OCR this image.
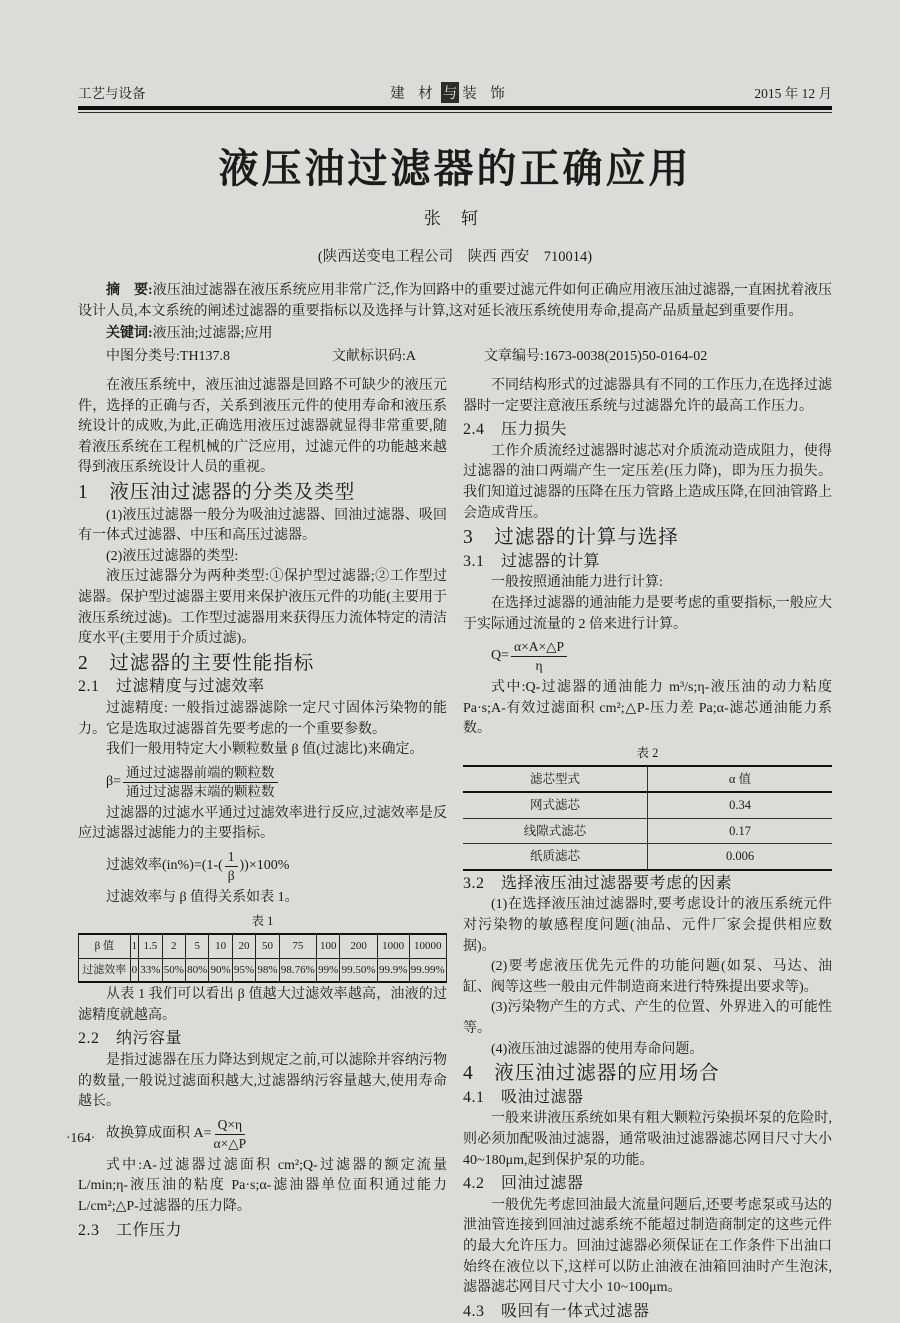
工艺与设备	建 材 与 装 饰	2015 年 12 月
液压油过滤器的正确应用
张 轲
(陕西送变电工程公司　陕西 西安　710014)

摘　要:液压油过滤器在液压系统应用非常广泛,作为回路中的重要过滤元件如何正确应用液压油过滤器,一直困扰着液压设计人员,本文系统的阐述过滤器的重要指标以及选择与计算,这对延长液压系统使用寿命,提高产品质量起到重要作用。

关键词:液压油;过滤器;应用

中图分类号:TH137.8	文献标识码:A	文章编号:1673-0038(2015)50-0164-02

在液压系统中，液压油过滤器是回路不可缺少的液压元件，选择的正确与否，关系到液压元件的使用寿命和液压系统设计的成败,为此,正确选用液压过滤器就显得非常重要,随着液压系统在工程机械的广泛应用，过滤元件的功能越来越得到液压系统设计人员的重视。

1　液压油过滤器的分类及类型

(1)液压过滤器一般分为吸油过滤器、回油过滤器、吸回有一体式过滤器、中压和高压过滤器。

(2)液压过滤器的类型:

液压过滤器分为两种类型:①保护型过滤器;②工作型过滤器。保护型过滤器主要用来保护液压元件的功能(主要用于液压系统过滤)。工作型过滤器用来获得压力流体特定的清洁度水平(主要用于介质过滤)。

2　过滤器的主要性能指标
2.1　过滤精度与过滤效率

过滤精度: 一般指过滤器滤除一定尺寸固体污染物的能力。它是选取过滤器首先要考虑的一个重要参数。

我们一般用特定大小颗粒数量 β 值(过滤比)来确定。

$\beta= \frac{\text{通过过滤器前端的颗粒数}}{\text{通过过滤器末端的颗粒数}}$

过滤器的过滤水平通过过滤效率进行反应,过滤效率是反应过滤器过滤能力的主要指标。

过滤效率$(in\%)=(1-( \frac{1}{\beta} ))\times 100\%$

过滤效率与 β 值得关系如表 1。

表 1
β 值	1	1.5	2	5	10	20	50	75	100	200	1000	10000
过滤效率	0	33%	50%	80%	90%	95%	98%	98.76%	99%	99.50%	99.9%	99.99%

从表 1 我们可以看出 β 值越大过滤效率越高，油液的过滤精度就越高。

2.2　纳污容量

是指过滤器在压力降达到规定之前,可以滤除并容纳污物的数量,一般说过滤面积越大,过滤器纳污容量越大,使用寿命越长。

故换算成面积 $A= \frac{Q\times\eta}{\alpha\times\triangle P}$

式中:A-过滤器过滤面积 cm²;Q-过滤器的额定流量 L/min;η-液压油的粘度 Pa·s;α-滤油器单位面积通过能力 L/cm²;△P-过滤器的压力降。

2.3　工作压力

不同结构形式的过滤器具有不同的工作压力,在选择过滤器时一定要注意液压系统与过滤器允许的最高工作压力。

2.4　压力损失

工作介质流经过滤器时滤芯对介质流动造成阻力，使得过滤器的油口两端产生一定压差(压力降)，即为压力损失。我们知道过滤器的压降在压力管路上造成压降,在回油管路上会造成背压。

3　过滤器的计算与选择
3.1　过滤器的计算

一般按照通油能力进行计算:

在选择过滤器的通油能力是要考虑的重要指标,一般应大于实际通过流量的 2 倍来进行计算。

$Q= \frac{\alpha\times A\times\triangle P}{\eta}$

式中:Q-过滤器的通油能力 m³/s;η-液压油的动力粘度 Pa·s;A-有效过滤面积 cm²;△P-压力差 Pa;α-滤芯通油能力系数。

表 2
滤芯型式	α 值
网式滤芯	0.34
线隙式滤芯	0.17
纸质滤芯	0.006
3.2　选择液压油过滤器要考虑的因素

(1)在选择液压油过滤器时,要考虑设计的液压系统元件对污染物的敏感程度问题(油品、元件厂家会提供相应数据)。

(2)要考虑液压优先元件的功能问题(如泵、马达、油缸、阀等这些一般由元件制造商来进行特殊提出要求等)。

(3)污染物产生的方式、产生的位置、外界进入的可能性等。

(4)液压油过滤器的使用寿命问题。

4　液压油过滤器的应用场合
4.1　吸油过滤器

一般来讲液压系统如果有粗大颗粒污染损坏泵的危险时,则必须加配吸油过滤器，通常吸油过滤器滤芯网目尺寸大小 40~180μm,起到保护泵的功能。

4.2　回油过滤器

一般优先考虑回油最大流量问题后,还要考虑泵或马达的泄油管连接到回油过滤系统不能超过制造商制定的这些元件的最大允许压力。回油过滤器必须保证在工作条件下出油口始终在液位以下,这样可以防止油液在油箱回油时产生泡沫,滤器滤芯网目尺寸大小 10~100μm。

4.3　吸回有一体式过滤器
·164·
